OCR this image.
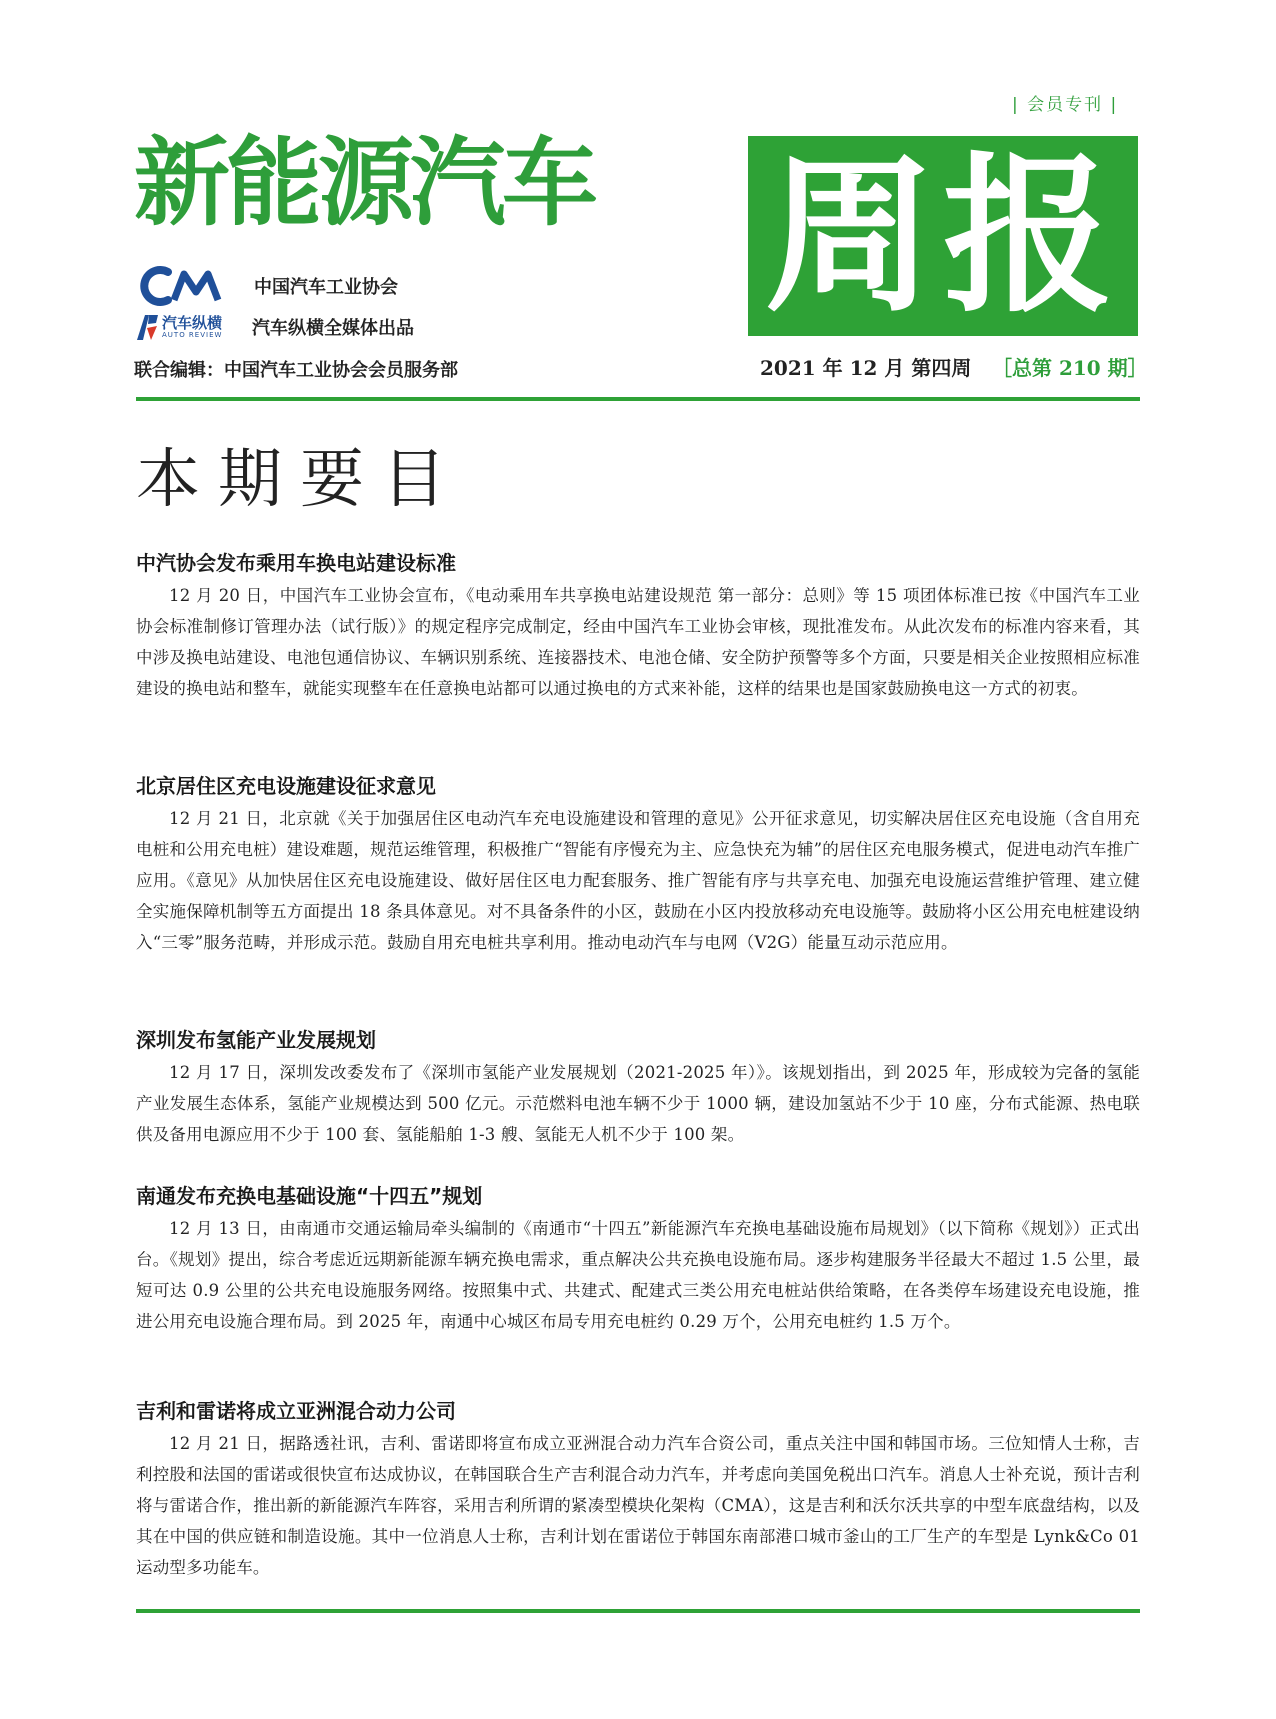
| 会员专刊 |
新能源汽车 周报
中国汽车工业协会
汽车纵横
AUTO REVIEW 汽车纵横全媒体出品
联合编辑：中国汽车工业协会会员服务部	2021 年 12 月 第四周 ［总第 210 期］
本期要目
中汽协会发布乘用车换电站建设标准

12 月 20 日，中国汽车工业协会宣布，《电动乘用车共享换电站建设规范 第一部分：总则》等 15 项团体标准已按《中国汽车工业协会标准制修订管理办法（试行版）》的规定程序完成制定，经由中国汽车工业协会审核，现批准发布。从此次发布的标准内容来看，其中涉及换电站建设、电池包通信协议、车辆识别系统、连接器技术、电池仓储、安全防护预警等多个方面，只要是相关企业按照相应标准建设的换电站和整车，就能实现整车在任意换电站都可以通过换电的方式来补能，这样的结果也是国家鼓励换电这一方式的初衷。

北京居住区充电设施建设征求意见

12 月 21 日，北京就《关于加强居住区电动汽车充电设施建设和管理的意见》公开征求意见，切实解决居住区充电设施（含自用充电桩和公用充电桩）建设难题，规范运维管理，积极推广“智能有序慢充为主、应急快充为辅”的居住区充电服务模式，促进电动汽车推广应用。《意见》从加快居住区充电设施建设、做好居住区电力配套服务、推广智能有序与共享充电、加强充电设施运营维护管理、建立健全实施保障机制等五方面提出 18 条具体意见。对不具备条件的小区，鼓励在小区内投放移动充电设施等。鼓励将小区公用充电桩建设纳入“三零”服务范畴，并形成示范。鼓励自用充电桩共享利用。推动电动汽车与电网（V2G）能量互动示范应用。

深圳发布氢能产业发展规划

12 月 17 日，深圳发改委发布了《深圳市氢能产业发展规划（2021-2025 年）》。该规划指出，到 2025 年，形成较为完备的氢能产业发展生态体系，氢能产业规模达到 500 亿元。示范燃料电池车辆不少于 1000 辆，建设加氢站不少于 10 座，分布式能源、热电联供及备用电源应用不少于 100 套、氢能船舶 1-3 艘、氢能无人机不少于 100 架。

南通发布充换电基础设施“十四五”规划

12 月 13 日，由南通市交通运输局牵头编制的《南通市“十四五”新能源汽车充换电基础设施布局规划》（以下简称《规划》）正式出台。《规划》提出，综合考虑近远期新能源车辆充换电需求，重点解决公共充换电设施布局。逐步构建服务半径最大不超过 1.5 公里，最短可达 0.9 公里的公共充电设施服务网络。按照集中式、共建式、配建式三类公用充电桩站供给策略，在各类停车场建设充电设施，推进公用充电设施合理布局。到 2025 年，南通中心城区布局专用充电桩约 0.29 万个，公用充电桩约 1.5 万个。

吉利和雷诺将成立亚洲混合动力公司

12 月 21 日，据路透社讯，吉利、雷诺即将宣布成立亚洲混合动力汽车合资公司，重点关注中国和韩国市场。三位知情人士称，吉利控股和法国的雷诺或很快宣布达成协议，在韩国联合生产吉利混合动力汽车，并考虑向美国免税出口汽车。消息人士补充说，预计吉利将与雷诺合作，推出新的新能源汽车阵容，采用吉利所谓的紧凑型模块化架构（CMA），这是吉利和沃尔沃共享的中型车底盘结构，以及其在中国的供应链和制造设施。其中一位消息人士称，吉利计划在雷诺位于韩国东南部港口城市釜山的工厂生产的车型是 Lynk&Co 01 运动型多功能车。
